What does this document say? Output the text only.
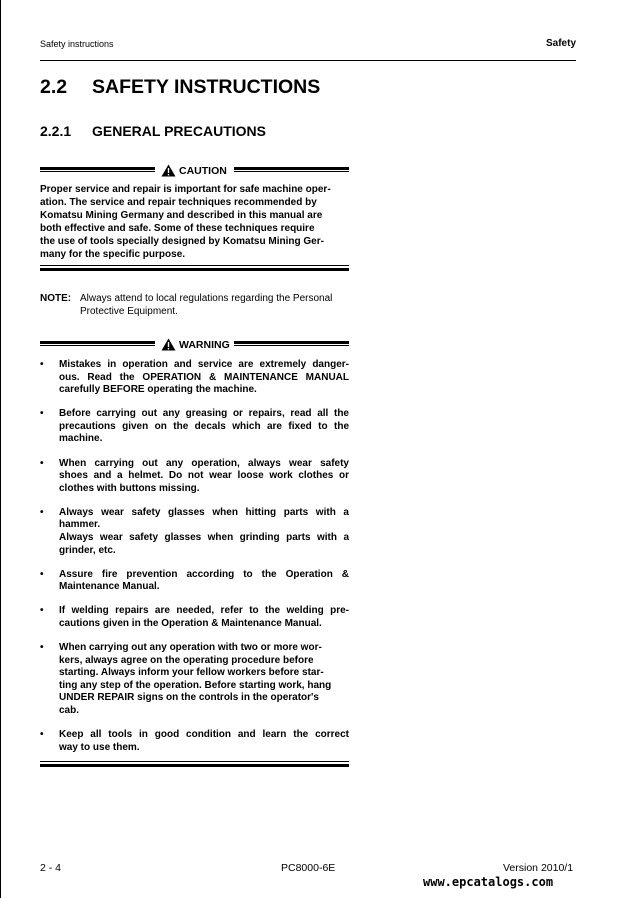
Safety instructions	Safety
2.2 SAFETY INSTRUCTIONS
2.2.1 GENERAL PRECAUTIONS
CAUTION
Proper service and repair is important for safe machine oper-
ation. The service and repair techniques recommended by
Komatsu Mining Germany and described in this manual are
both effective and safe. Some of these techniques require
the use of tools specially designed by Komatsu Mining Ger-
many for the specific purpose.
NOTE: Always attend to local regulations regarding the Personal
Protective Equipment.
WARNING
• Mistakes in operation and service are extremely danger-
ous. Read the OPERATION & MAINTENANCE MANUAL
carefully BEFORE operating the machine.
• Before carrying out any greasing or repairs, read all the
precautions given on the decals which are fixed to the
machine.
• When carrying out any operation, always wear safety
shoes and a helmet. Do not wear loose work clothes or
clothes with buttons missing.
• Always wear safety glasses when hitting parts with a
hammer.
Always wear safety glasses when grinding parts with a
grinder, etc.
• Assure fire prevention according to the Operation &
Maintenance Manual.
• If welding repairs are needed, refer to the welding pre-
cautions given in the Operation & Maintenance Manual.
• When carrying out any operation with two or more wor-
kers, always agree on the operating procedure before
starting. Always inform your fellow workers before star-
ting any step of the operation. Before starting work, hang
UNDER REPAIR signs on the controls in the operator's
cab.
• Keep all tools in good condition and learn the correct
way to use them.
2 - 4	PC8000-6E	Version 2010/1
www.epcatalogs.com
